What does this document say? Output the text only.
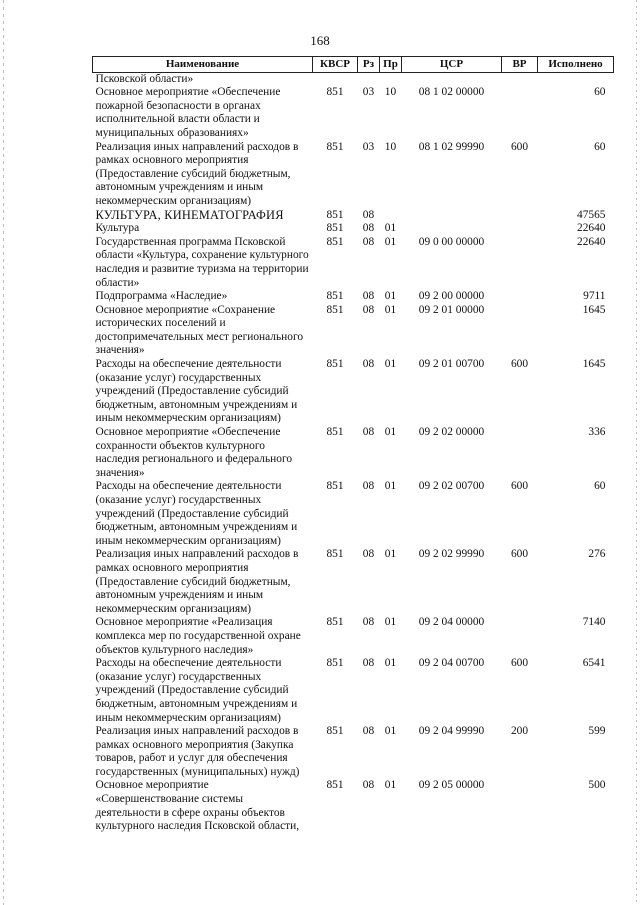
168
Наименование	КВСР	Рз	Пр	ЦСР	ВР	Исполнено
Псковской области»						
Основное мероприятие «Обеспечение пожарной безопасности в органах исполнительной власти области и муниципальных образованиях»	851	03	10	08 1 02 00000		60
Реализация иных направлений расходов в рамках основного мероприятия (Предоставление субсидий бюджетным, автономным учреждениям и иным некоммерческим организациям)	851	03	10	08 1 02 99990	600	60
КУЛЬТУРА, КИНЕМАТОГРАФИЯ	851	08				47565
Культура	851	08	01			22640
Государственная программа Псковской области «Культура, сохранение культурного наследия и развитие туризма на территории области»	851	08	01	09 0 00 00000		22640
Подпрограмма «Наследие»	851	08	01	09 2 00 00000		9711
Основное мероприятие «Сохранение исторических поселений и достопримечательных мест регионального значения»	851	08	01	09 2 01 00000		1645
Расходы на обеспечение деятельности (оказание услуг) государственных учреждений (Предоставление субсидий бюджетным, автономным учреждениям и иным некоммерческим организациям)	851	08	01	09 2 01 00700	600	1645
Основное мероприятие «Обеспечение сохранности объектов культурного наследия регионального и федерального значения»	851	08	01	09 2 02 00000		336
Расходы на обеспечение деятельности (оказание услуг) государственных учреждений (Предоставление субсидий бюджетным, автономным учреждениям и иным некоммерческим организациям)	851	08	01	09 2 02 00700	600	60
Реализация иных направлений расходов в рамках основного мероприятия (Предоставление субсидий бюджетным, автономным учреждениям и иным некоммерческим организациям)	851	08	01	09 2 02 99990	600	276
Основное мероприятие «Реализация комплекса мер по государственной охране объектов культурного наследия»	851	08	01	09 2 04 00000		7140
Расходы на обеспечение деятельности (оказание услуг) государственных учреждений (Предоставление субсидий бюджетным, автономным учреждениям и иным некоммерческим организациям)	851	08	01	09 2 04 00700	600	6541
Реализация иных направлений расходов в рамках основного мероприятия (Закупка товаров, работ и услуг для обеспечения государственных (муниципальных) нужд)	851	08	01	09 2 04 99990	200	599
Основное мероприятие «Совершенствование системы деятельности в сфере охраны объектов культурного наследия Псковской области,	851	08	01	09 2 05 00000		500
